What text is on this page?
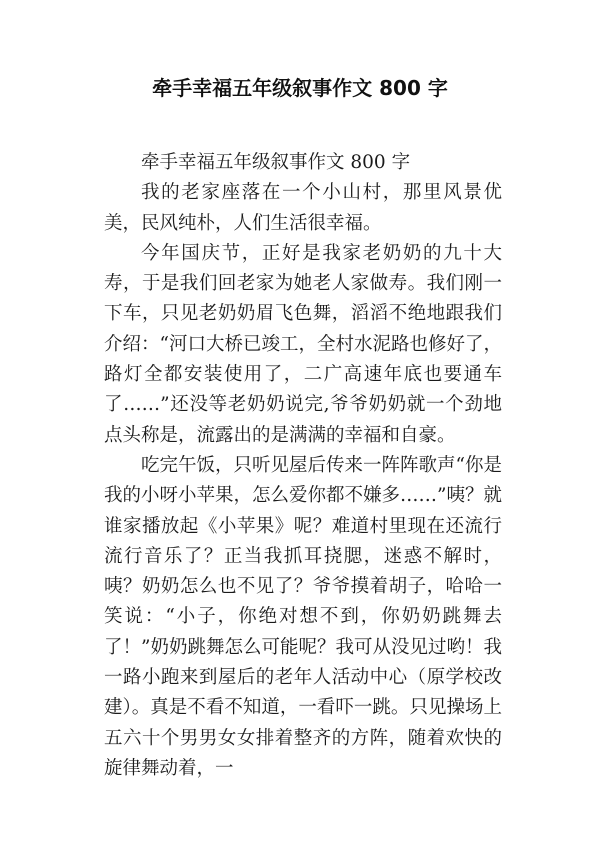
牵手幸福五年级叙事作文 800 字

牵手幸福五年级叙事作文 800 字

我的老家座落在一个小山村，那里风景优美，民风纯朴，人们生活很幸福。

今年国庆节，正好是我家老奶奶的九十大寿，于是我们回老家为她老人家做寿。我们刚一下车，只见老奶奶眉飞色舞，滔滔不绝地跟我们介绍：“河口大桥已竣工，全村水泥路也修好了，路灯全都安装使用了，二广高速年底也要通车了……”还没等老奶奶说完,爷爷奶奶就一个劲地点头称是，流露出的是满满的幸福和自豪。

吃完午饭，只听见屋后传来一阵阵歌声“你是我的小呀小苹果，怎么爱你都不嫌多……”咦？就谁家播放起《小苹果》呢？难道村里现在还流行流行音乐了？正当我抓耳挠腮，迷惑不解时，咦？奶奶怎么也不见了？爷爷摸着胡子，哈哈一笑说：“小子，你绝对想不到，你奶奶跳舞去了！”奶奶跳舞怎么可能呢？我可从没见过哟！我一路小跑来到屋后的老年人活动中心（原学校改建）。真是不看不知道，一看吓一跳。只见操场上五六十个男男女女排着整齐的方阵，随着欢快的旋律舞动着，一
